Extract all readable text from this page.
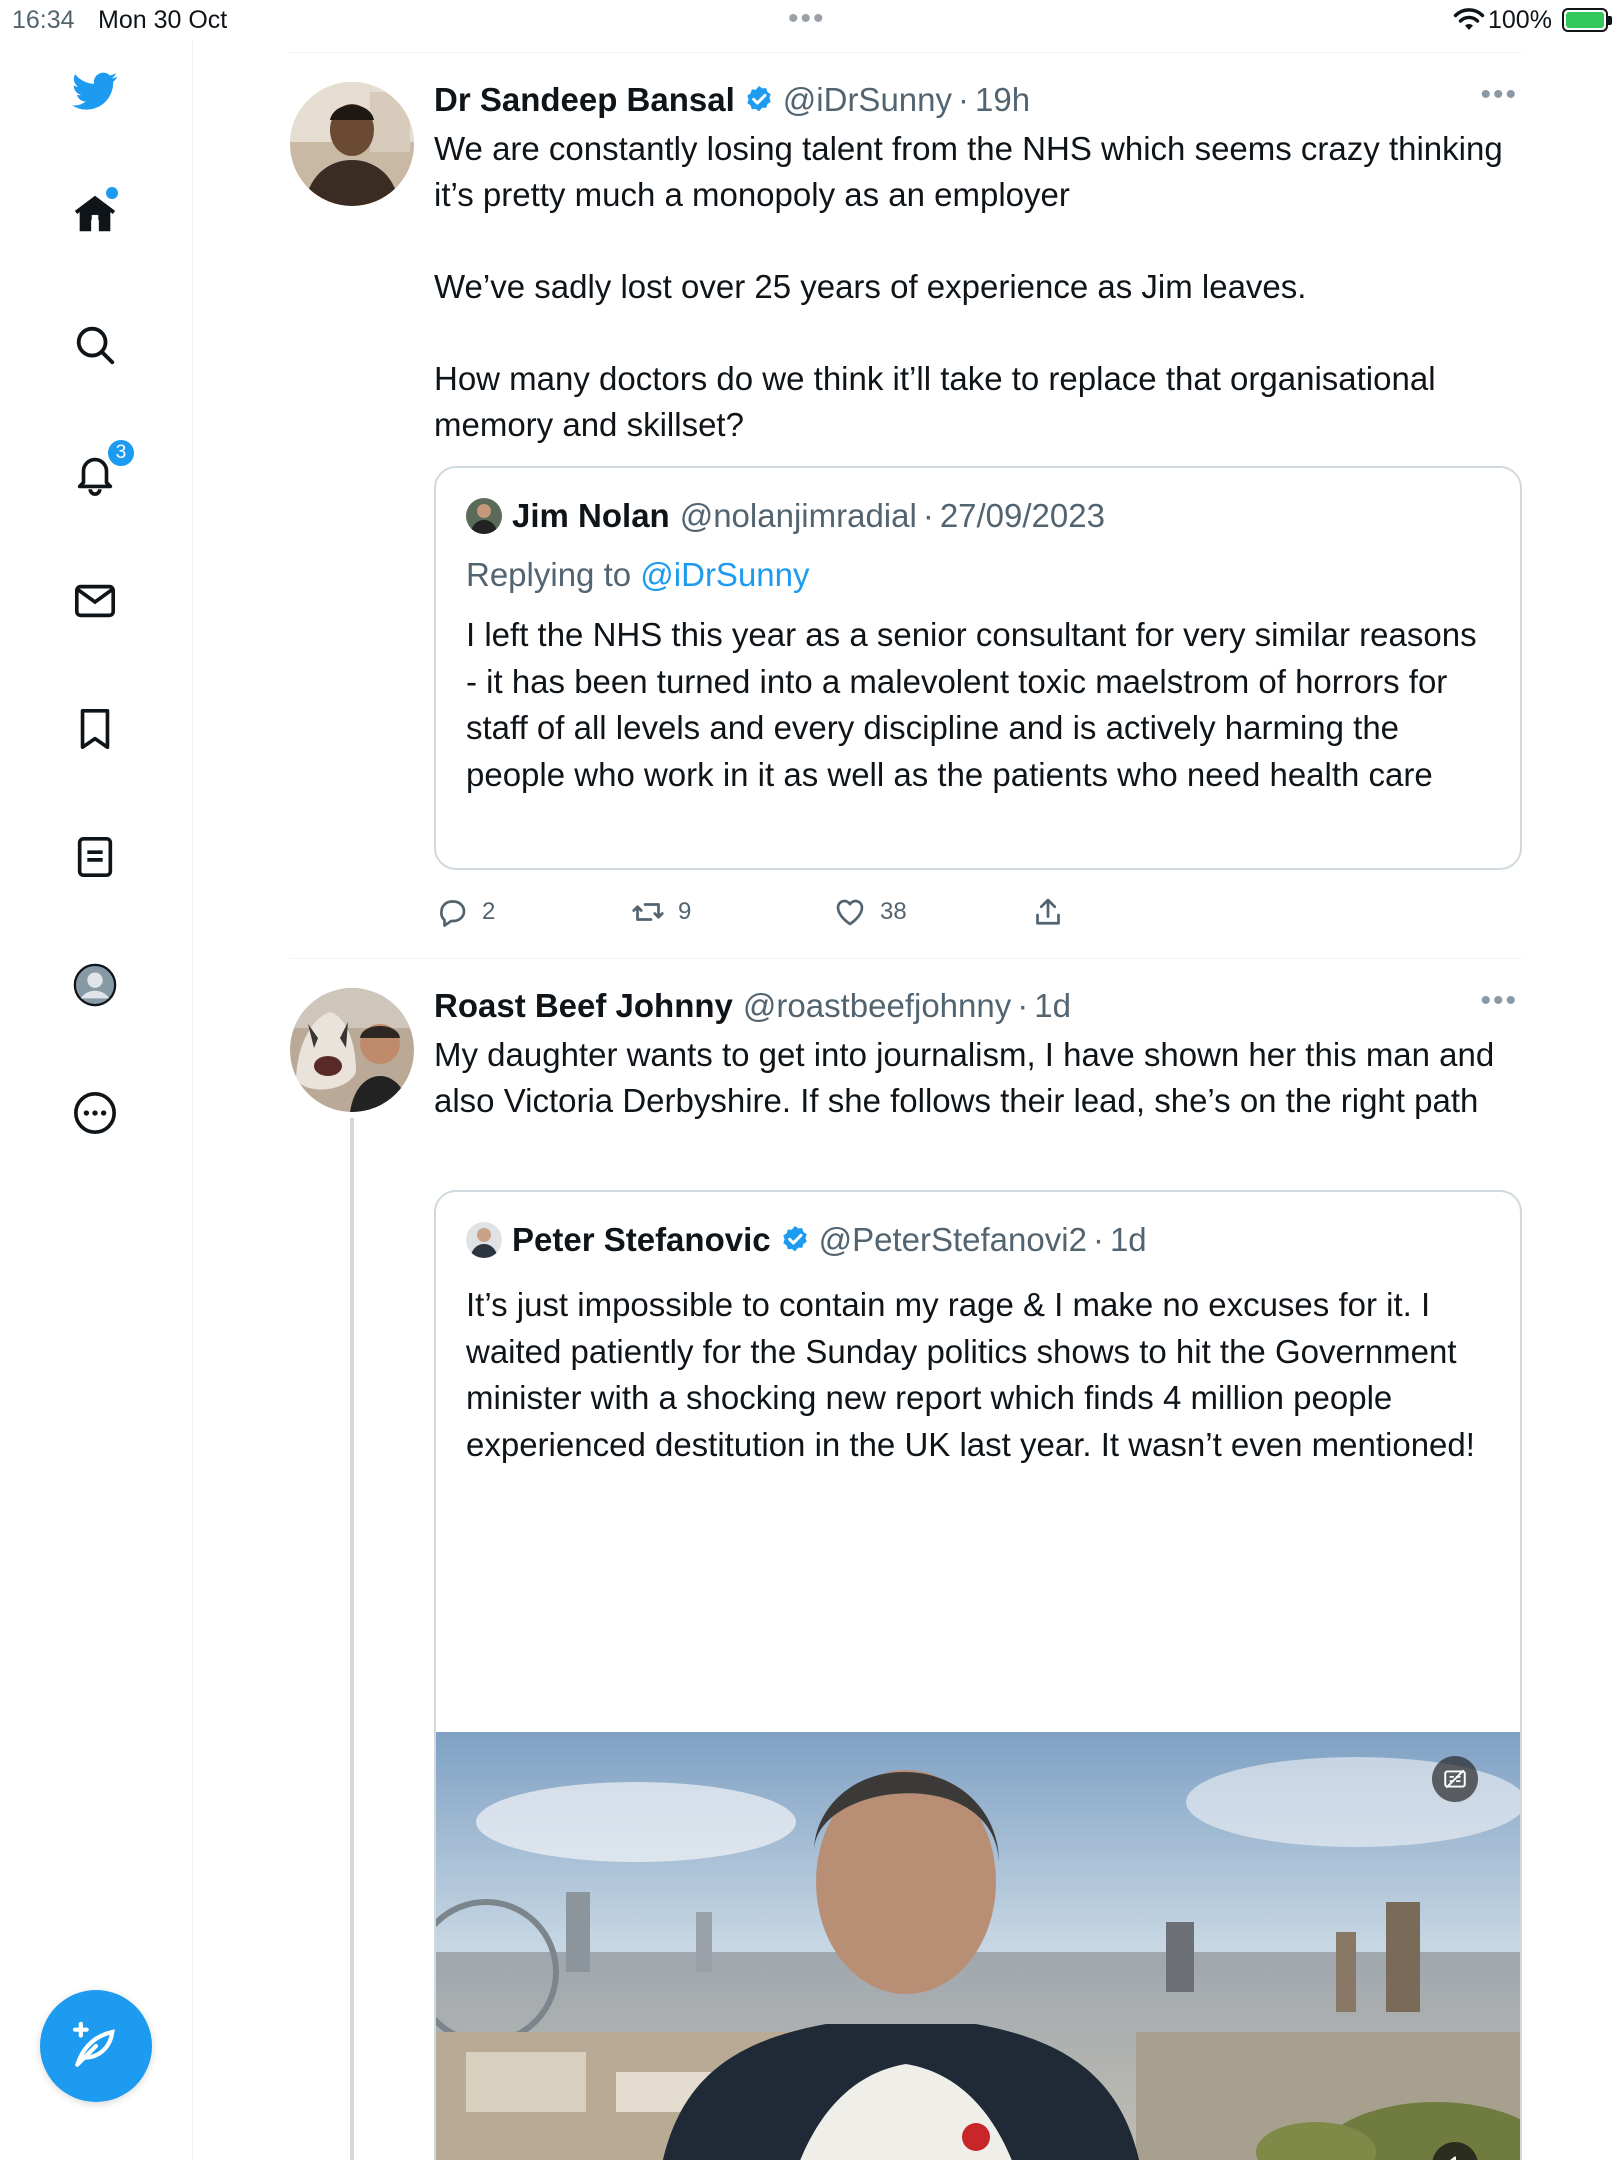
16:34 Mon 30 Oct	•••	100%
3
Dr Sandeep Bansal @iDrSunny · 19h	•••

We are constantly losing talent from the NHS which seems crazy thinking it’s pretty much a monopoly as an employer

We’ve sadly lost over 25 years of experience as Jim leaves.

How many doctors do we think it’ll take to replace that organisational memory and skillset?

Jim Nolan @nolanjimradial · 27/09/2023
Replying to @iDrSunny
I left the NHS this year as a senior consultant for very similar reasons - it has been turned into a malevolent toxic maelstrom of horrors for staff of all levels and every discipline and is actively harming the people who work in it as well as the patients who need health care
2	9	38
Roast Beef Johnny @roastbeefjohnny · 1d	•••

My daughter wants to get into journalism, I have shown her this man and also Victoria Derbyshire. If she follows their lead, she’s on the right path

Peter Stefanovic @PeterStefanovi2 · 1d
It’s just impossible to contain my rage & I make no excuses for it. I waited patiently for the Sunday politics shows to hit the Government minister with a shocking new report which finds 4 million people experienced destitution in the UK last year. It wasn’t even mentioned!
